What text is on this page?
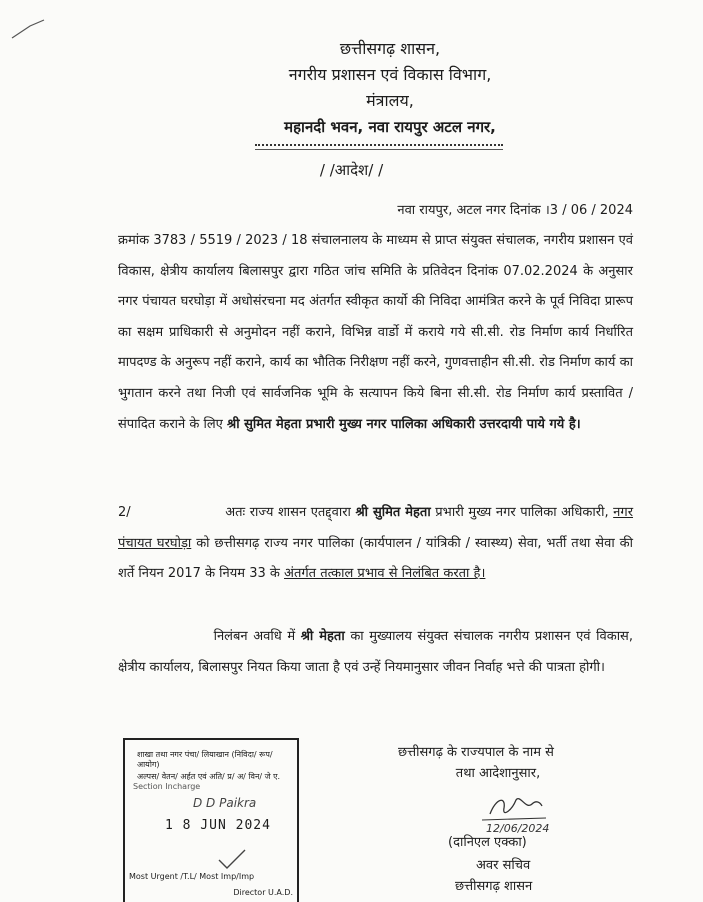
छत्तीसगढ़ शासन,
नगरीय प्रशासन एवं विकास विभाग,
मंत्रालय,
महानदी भवन, नवा रायपुर अटल नगर,
/ /आदेश/ /
नवा रायपुर, अटल नगर दिनांक ।3 / 06 / 2024
क्रमांक 3783 / 5519 / 2023 / 18 संचालनालय के माध्यम से प्राप्त संयुक्त संचालक, नगरीय प्रशासन एवं विकास, क्षेत्रीय कार्यालय बिलासपुर द्वारा गठित जांच समिति के प्रतिवेदन दिनांक 07.02.2024 के अनुसार नगर पंचायत घरघोड़ा में अधोसंरचना मद अंतर्गत स्वीकृत कार्यो की निविदा आमंत्रित करने के पूर्व निविदा प्रारूप का सक्षम प्राधिकारी से अनुमोदन नहीं कराने, विभिन्न वार्डो में कराये गये सी.सी. रोड निर्माण कार्य निर्धारित मापदण्ड के अनुरूप नहीं कराने, कार्य का भौतिक निरीक्षण नहीं करने, गुणवत्ताहीन सी.सी. रोड निर्माण कार्य का भुगतान करने तथा निजी एवं सार्वजनिक भूमि के सत्यापन किये बिना सी.सी. रोड निर्माण कार्य प्रस्तावित / संपादित कराने के लिए श्री सुमित मेहता प्रभारी मुख्य नगर पालिका अधिकारी उत्तरदायी पाये गये है।
2/	अतः राज्य शासन एतद्द्वारा श्री सुमित मेहता प्रभारी मुख्य नगर पालिका अधिकारी, नगर पंचायत घरघोड़ा को छत्तीसगढ़ राज्य नगर पालिका (कार्यपालन / यांत्रिकी / स्वास्थ्य) सेवा, भर्ती तथा सेवा की शर्ते नियन 2017 के नियम 33 के अंतर्गत तत्काल प्रभाव से निलंबित करता है।
निलंबन अवधि में श्री मेहता का मुख्यालय संयुक्त संचालक नगरीय प्रशासन एवं विकास, क्षेत्रीय कार्यालय, बिलासपुर नियत किया जाता है एवं उन्हें नियमानुसार जीवन निर्वाह भत्ते की पात्रता होगी।
शाखा तथा नगर पंचा/ लियाखान (निविदा/ रूप/ आयोग)
अल्पस/ वेतन/ अर्हत एवं अति/ प्र/ अ/ विन/ जे ए.
Section Incharge
D D Paikra
1 8 JUN 2024
Most Urgent /T.L/ Most Imp/Imp
Director U.A.D.
छत्तीसगढ़ के राज्यपाल के नाम से
तथा आदेशानुसार,
12/06/2024
(दानिएल एक्का)
अवर सचिव
छत्तीसगढ़ शासन
